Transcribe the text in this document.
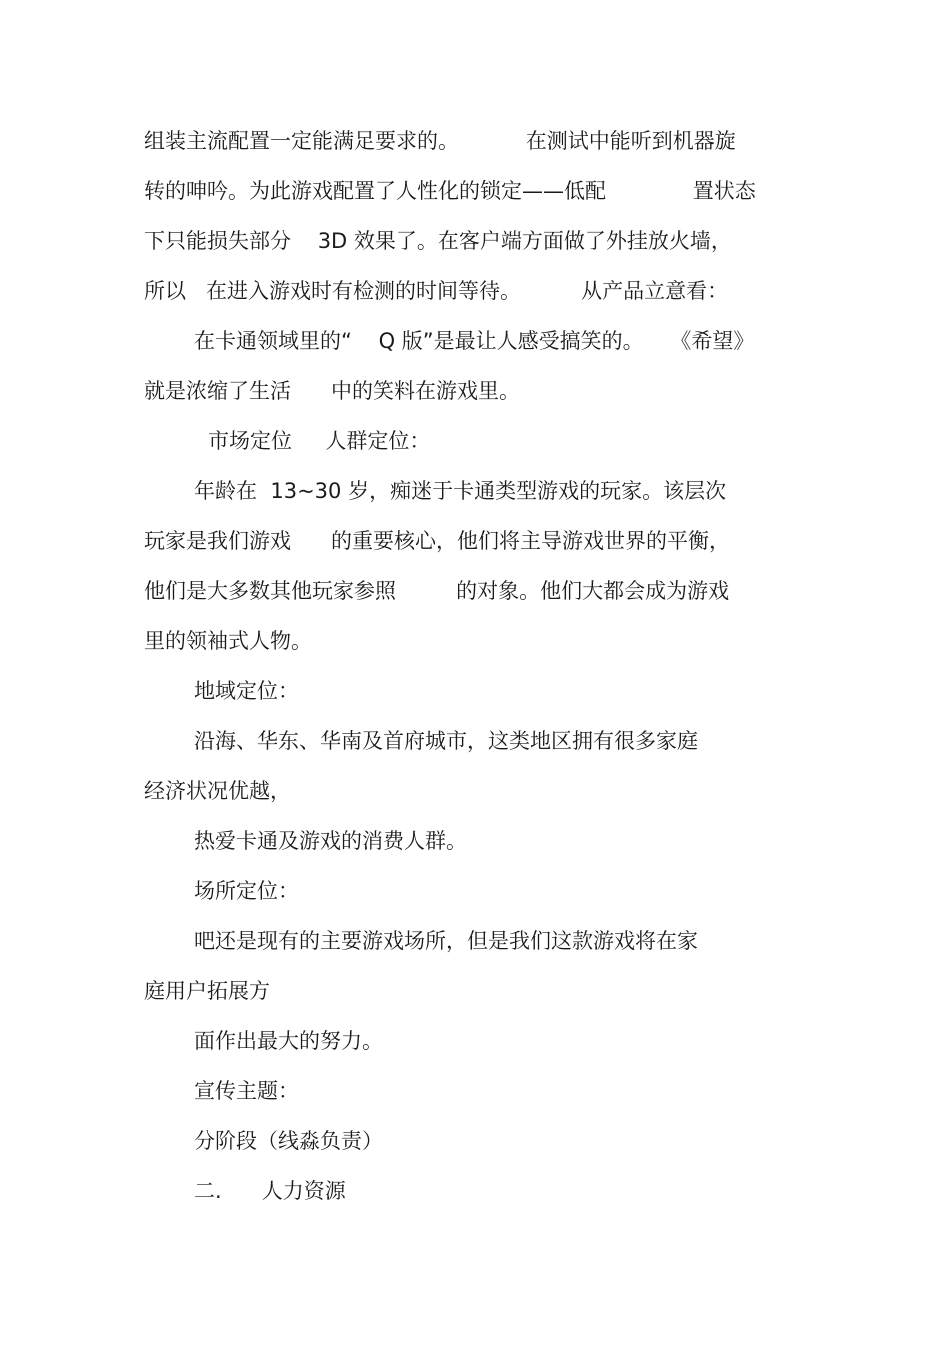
组装主流配置一定能满足要求的。          在测试中能听到机器旋
转的呻吟。为此游戏配置了人性化的锁定——低配             置状态
下只能损失部分    3D 效果了。在客户端方面做了外挂放火墙，
所以   在进入游戏时有检测的时间等待。         从产品立意看：
在卡通领域里的“    Q 版”是最让人感受搞笑的。    《希望》
就是浓缩了生活      中的笑料在游戏里。
市场定位     人群定位：
年龄在  13~30 岁，痴迷于卡通类型游戏的玩家。该层次
玩家是我们游戏      的重要核心，他们将主导游戏世界的平衡，
他们是大多数其他玩家参照         的对象。他们大都会成为游戏
里的领袖式人物。
地域定位：
沿海、华东、华南及首府城市，这类地区拥有很多家庭
经济状况优越，
热爱卡通及游戏的消费人群。
场所定位：
吧还是现有的主要游戏场所，但是我们这款游戏将在家
庭用户拓展方
面作出最大的努力。
宣传主题：
分阶段（线淼负责）
二.      人力资源
